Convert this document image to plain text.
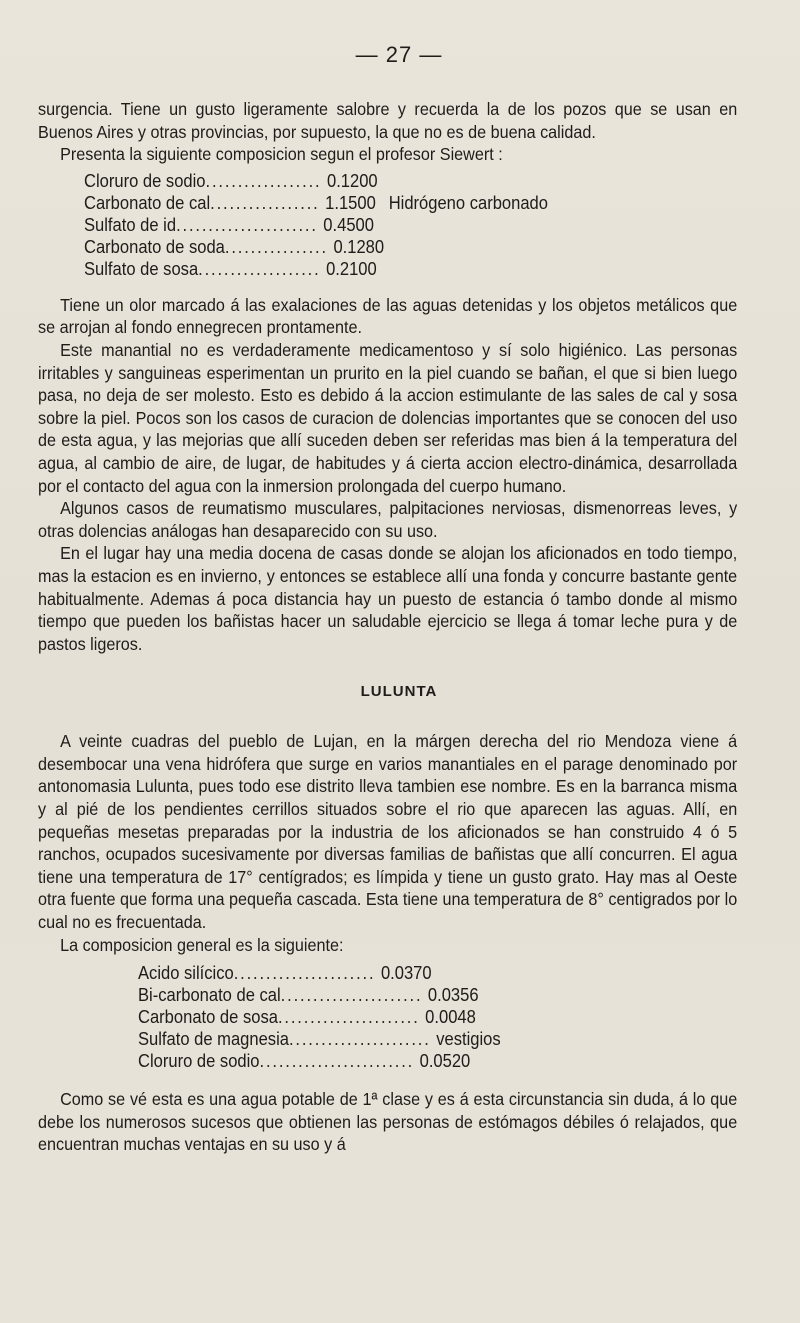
— 27 —

surgencia. Tiene un gusto ligeramente salobre y recuerda la de los pozos que se usan en Buenos Aires y otras provincias, por supuesto, la que no es de buena calidad.

Presenta la siguiente composicion segun el profesor Siewert :

Cloruro de sodio .................. 0.1200
Carbonato de cal ................. 1.1500 Hidrógeno carbonado
Sulfato de id ...................... 0.4500
Carbonato de soda ................ 0.1280
Sulfato de sosa ................... 0.2100

Tiene un olor marcado á las exalaciones de las aguas detenidas y los objetos metálicos que se arrojan al fondo ennegrecen prontamente.

Este manantial no es verdaderamente medicamentoso y sí solo higiénico. Las personas irritables y sanguineas esperimentan un prurito en la piel cuando se bañan, el que si bien luego pasa, no deja de ser molesto. Esto es debido á la accion estimulante de las sales de cal y sosa sobre la piel. Pocos son los casos de curacion de dolencias importantes que se conocen del uso de esta agua, y las mejorias que allí suceden deben ser referidas mas bien á la temperatura del agua, al cambio de aire, de lugar, de habitudes y á cierta accion electro-dinámica, desarrollada por el contacto del agua con la inmersion prolongada del cuerpo humano.

Algunos casos de reumatismo musculares, palpitaciones nerviosas, dismenorreas leves, y otras dolencias análogas han desaparecido con su uso.

En el lugar hay una media docena de casas donde se alojan los aficionados en todo tiempo, mas la estacion es en invierno, y entonces se establece allí una fonda y concurre bastante gente habitualmente. Ademas á poca distancia hay un puesto de estancia ó tambo donde al mismo tiempo que pueden los bañistas hacer un saludable ejercicio se llega á tomar leche pura y de pastos ligeros.

LULUNTA

A veinte cuadras del pueblo de Lujan, en la márgen derecha del rio Mendoza viene á desembocar una vena hidrófera que surge en varios manantiales en el parage denominado por antonomasia Lulunta, pues todo ese distrito lleva tambien ese nombre. Es en la barranca misma y al pié de los pendientes cerrillos situados sobre el rio que aparecen las aguas. Allí, en pequeñas mesetas preparadas por la industria de los aficionados se han construido 4 ó 5 ranchos, ocupados sucesivamente por diversas familias de bañistas que allí concurren. El agua tiene una temperatura de 17° centígrados; es límpida y tiene un gusto grato. Hay mas al Oeste otra fuente que forma una pequeña cascada. Esta tiene una temperatura de 8° centigrados por lo cual no es frecuentada.

La composicion general es la siguiente:

Acido silícico ...................... 0.0370
Bi-carbonato de cal ...................... 0.0356
Carbonato de sosa ...................... 0.0048
Sulfato de magnesia ...................... vestigios
Cloruro de sodio ........................ 0.0520

Como se vé esta es una agua potable de 1ª clase y es á esta circunstancia sin duda, á lo que debe los numerosos sucesos que obtienen las personas de estómagos débiles ó relajados, que encuentran muchas ventajas en su uso y á
